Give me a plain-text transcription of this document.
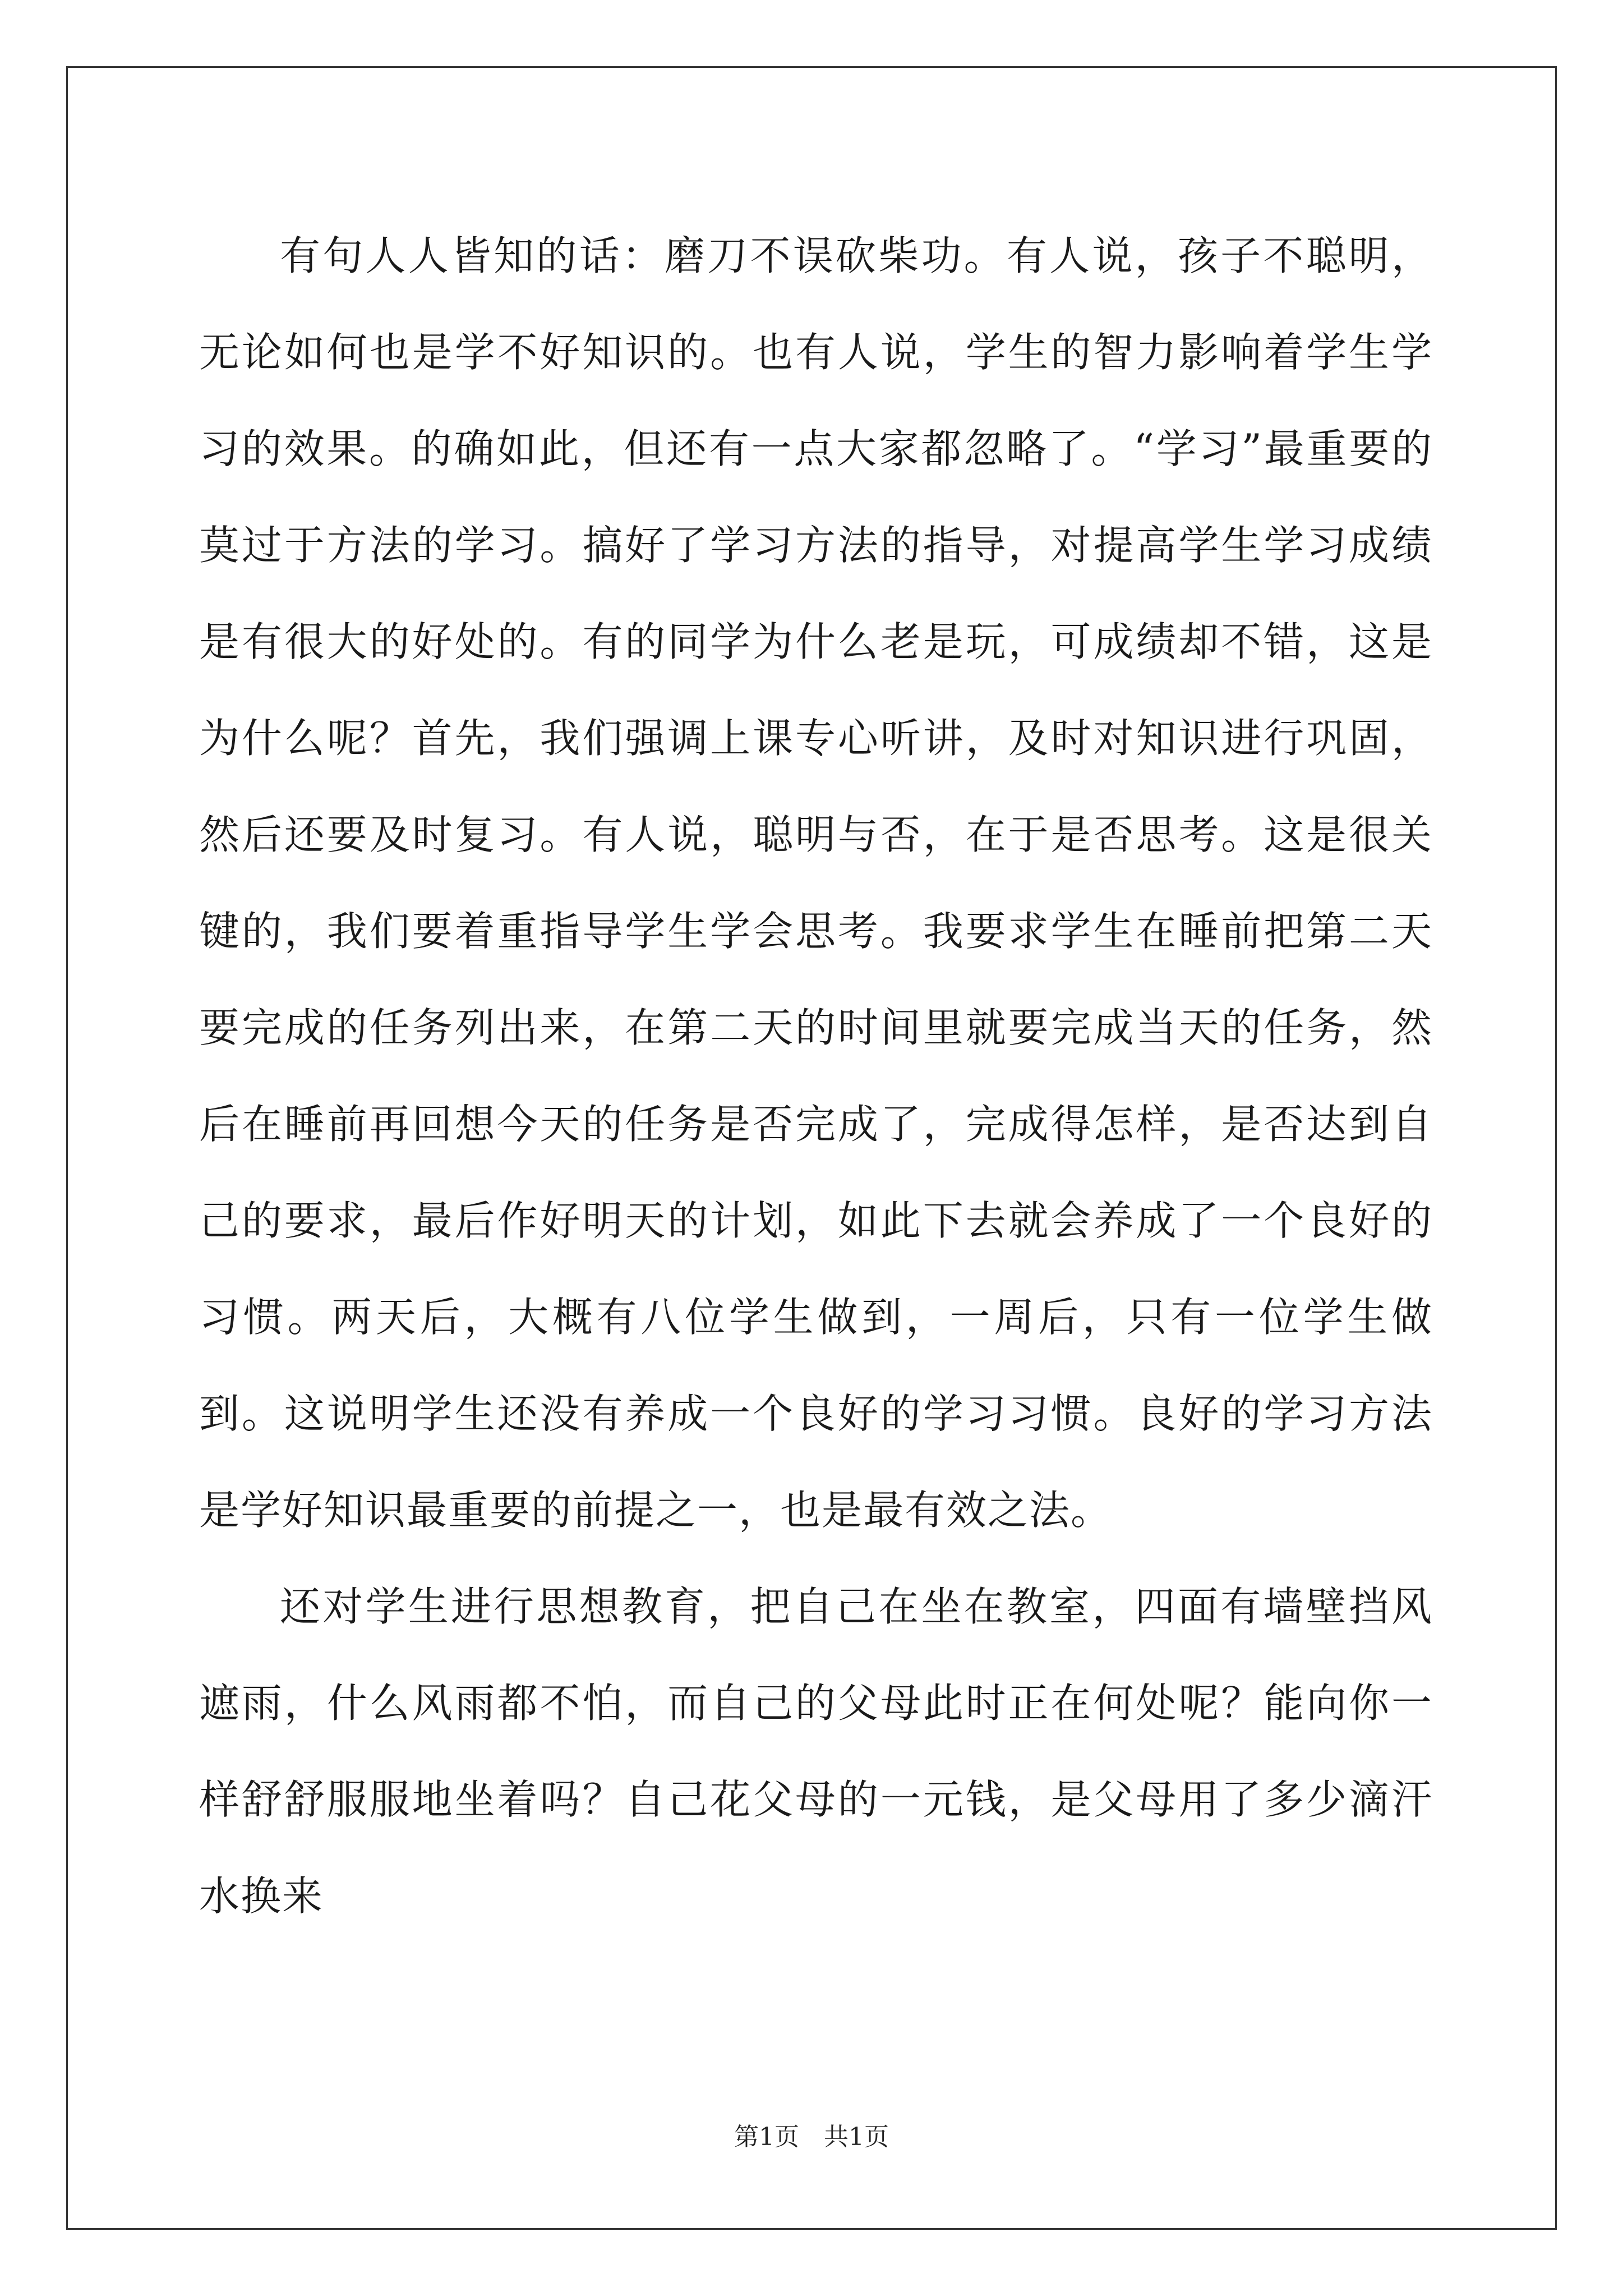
有句人人皆知的话：磨刀不误砍柴功。有人说，孩子不聪明，无论如何也是学不好知识的。也有人说，学生的智力影响着学生学习的效果。的确如此，但还有一点大家都忽略了。“学习”最重要的莫过于方法的学习。搞好了学习方法的指导，对提高学生学习成绩是有很大的好处的。有的同学为什么老是玩，可成绩却不错，这是为什么呢？首先，我们强调上课专心听讲，及时对知识进行巩固，然后还要及时复习。有人说，聪明与否，在于是否思考。这是很关键的，我们要着重指导学生学会思考。我要求学生在睡前把第二天要完成的任务列出来，在第二天的时间里就要完成当天的任务，然后在睡前再回想今天的任务是否完成了，完成得怎样，是否达到自己的要求，最后作好明天的计划，如此下去就会养成了一个良好的习惯。两天后，大概有八位学生做到，一周后，只有一位学生做到。这说明学生还没有养成一个良好的学习习惯。良好的学习方法是学好知识最重要的前提之一，也是最有效之法。

还对学生进行思想教育，把自己在坐在教室，四面有墙壁挡风遮雨，什么风雨都不怕，而自己的父母此时正在何处呢？能向你一样舒舒服服地坐着吗？自己花父母的一元钱，是父母用了多少滴汗水换来

第1页 共1页
